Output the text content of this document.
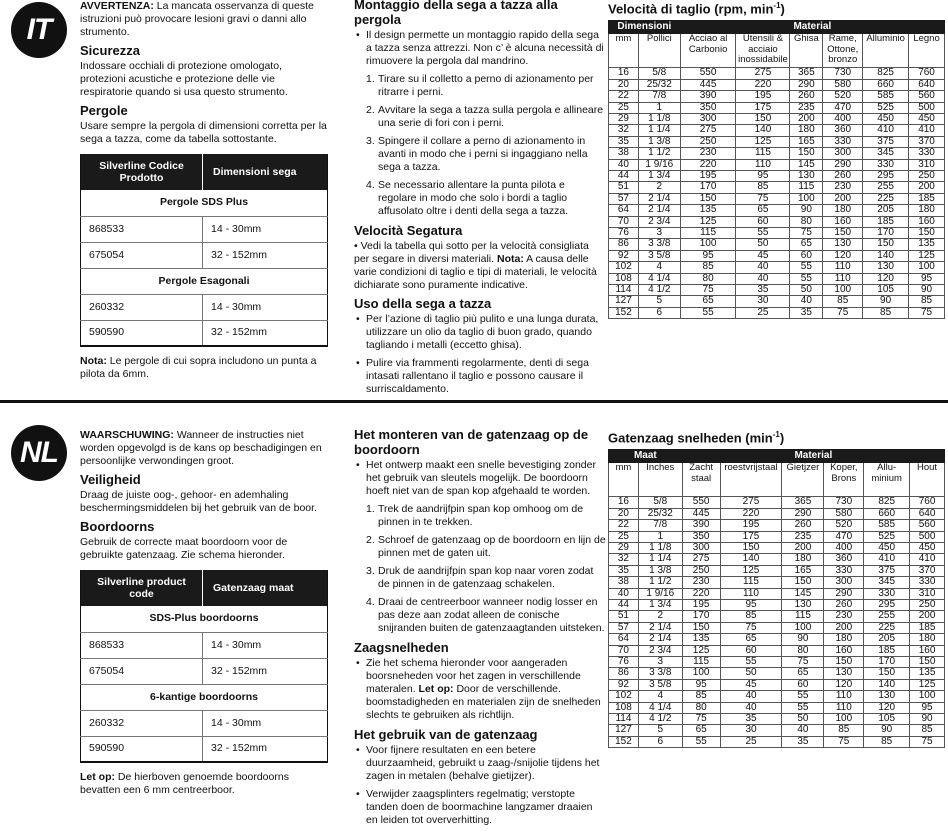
IT

AVVERTENZA: La mancata osservanza di queste istruzioni può provocare lesioni gravi o danni allo strumento.

Sicurezza

Indossare occhiali di protezione omologato, protezioni acustiche e protezione delle vie respiratorie quando si usa questo strumento.

Pergole

Usare sempre la pergola di dimensioni corretta per la sega a tazza, come da tabella sottostante.

Silverline Codice Prodotto	Dimensioni sega
Pergole SDS Plus	
868533	14 - 30mm
675054	32 - 152mm
Pergole Esagonali	
260332	14 - 30mm
590590	32 - 152mm

Nota: Le pergole di cui sopra includono un punta a pilota da 6mm.

Montaggio della sega a tazza alla pergola
• Il design permette un montaggio rapido della sega a tazza senza attrezzi. Non c’ è alcuna necessità di rimuovere la pergola dal mandrino.
1. Tirare su il colletto a perno di azionamento per ritrarre i perni.
2. Avvitare la sega a tazza sulla pergola e allineare una serie di fori con i perni.
3. Spingere il collare a perno di azionamento in avanti in modo che i perni si ingaggiano nella sega a tazza.
4. Se necessario allentare la punta pilota e regolare in modo che solo i bordi a taglio affusolato oltre i denti della sega a tazza.
Velocità Segatura

• Vedi la tabella qui sotto per la velocità consigliata per segare in diversi materiali. Nota: A causa delle varie condizioni di taglio e tipi di materiali, le velocità dichiarate sono puramente indicative.

Uso della sega a tazza
• Per l’azione di taglio più pulito e una lunga durata, utilizzare un olio da taglio di buon grado, quando tagliando i metalli (eccetto ghisa).
• Pulire via frammenti regolarmente, denti di sega intasati rallentano il taglio e possono causare il surriscaldamento.
Velocità di taglio (rpm, $\min^{-1}$)
Dimensioni		Material					
mm	Pollici	Acciao al Carbonio	Utensili & acciaio inossidabile	Ghisa	Rame, Ottone, bronzo	Alluminio	Legno
16	5/8	550	275	365	730	825	760
20	25/32	445	220	290	580	660	640
22	7/8	390	195	260	520	585	560
25	1	350	175	235	470	525	500
29	1 1/8	300	150	200	400	450	450
32	1 1/4	275	140	180	360	410	410
35	1 3/8	250	125	165	330	375	370
38	1 1/2	230	115	150	300	345	330
40	1 9/16	220	110	145	290	330	310
44	1 3/4	195	95	130	260	295	250
51	2	170	85	115	230	255	200
57	2 1/4	150	75	100	200	225	185
64	2 1/4	135	65	90	180	205	180
70	2 3/4	125	60	80	160	185	160
76	3	115	55	75	150	170	150
86	3 3/8	100	50	65	130	150	135
92	3 5/8	95	45	60	120	140	125
102	4	85	40	55	110	130	100
108	4 1/4	80	40	55	110	120	95
114	4 1/2	75	35	50	100	105	90
127	5	65	30	40	85	90	85
152	6	55	25	35	75	85	75
NL

WAARSCHUWING: Wanneer de instructies niet worden opgevolgd is de kans op beschadigingen en persoonlijke verwondingen groot.

Veiligheid

Draag de juiste oog-, gehoor- en ademhaling beschermingsmiddelen bij het gebruik van de boor.

Boordoorns

Gebruik de correcte maat boordoorn voor de gebruikte gatenzaag. Zie schema hieronder.

Silverline product code	Gatenzaag maat
SDS-Plus boordoorns	
868533	14 - 30mm
675054	32 - 152mm
6-kantige boordoorns	
260332	14 - 30mm
590590	32 - 152mm

Let op: De hierboven genoemde boordoorns bevatten een 6 mm centreerboor.

Het monteren van de gatenzaag op de boordoorn
• Het ontwerp maakt een snelle bevestiging zonder het gebruik van sleutels mogelijk. De boordoorn hoeft niet van de span kop afgehaald te worden.
1. Trek de aandrijfpin span kop omhoog om de pinnen in te trekken.
2. Schroef de gatenzaag op de boordoorn en lijn de pinnen met de gaten uit.
3. Druk de aandrijfpin span kop naar voren zodat de pinnen in de gatenzaag schakelen.
4. Draai de centreerboor wanneer nodig losser en pas deze aan zodat alleen de conische snijranden buiten de gatenzaagtanden uitsteken.
Zaagsnelheden
• Zie het schema hieronder voor aangeraden boorsneheden voor het zagen in verschillende materalen. Let op: Door de verschillende. boomstadigheden en materialen zijn de snelheden slechts te gebruiken als richtlijn.
Het gebruik van de gatenzaag
• Voor fijnere resultaten en een betere duurzaamheid, gebruikt u zaag-/snijolie tijdens het zagen in metalen (behalve gietijzer).
• Verwijder zaagsplinters regelmatig; verstopte tanden doen de boormachine langzamer draaien en leiden tot oververhitting.
Gatenzaag snelheden $(\min^{-1})$
Maat		Material					
mm	Inches	Zacht staal	roestvrijstaal	Gietjzer	Koper, Brons	Allu-minium	Hout
16	5/8	550	275	365	730	825	760
20	25/32	445	220	290	580	660	640
22	7/8	390	195	260	520	585	560
25	1	350	175	235	470	525	500
29	1 1/8	300	150	200	400	450	450
32	1 1/4	275	140	180	360	410	410
35	1 3/8	250	125	165	330	375	370
38	1 1/2	230	115	150	300	345	330
40	1 9/16	220	110	145	290	330	310
44	1 3/4	195	95	130	260	295	250
51	2	170	85	115	230	255	200
57	2 1/4	150	75	100	200	225	185
64	2 1/4	135	65	90	180	205	180
70	2 3/4	125	60	80	160	185	160
76	3	115	55	75	150	170	150
86	3 3/8	100	50	65	130	150	135
92	3 5/8	95	45	60	120	140	125
102	4	85	40	55	110	130	100
108	4 1/4	80	40	55	110	120	95
114	4 1/2	75	35	50	100	105	90
127	5	65	30	40	85	90	85
152	6	55	25	35	75	85	75
